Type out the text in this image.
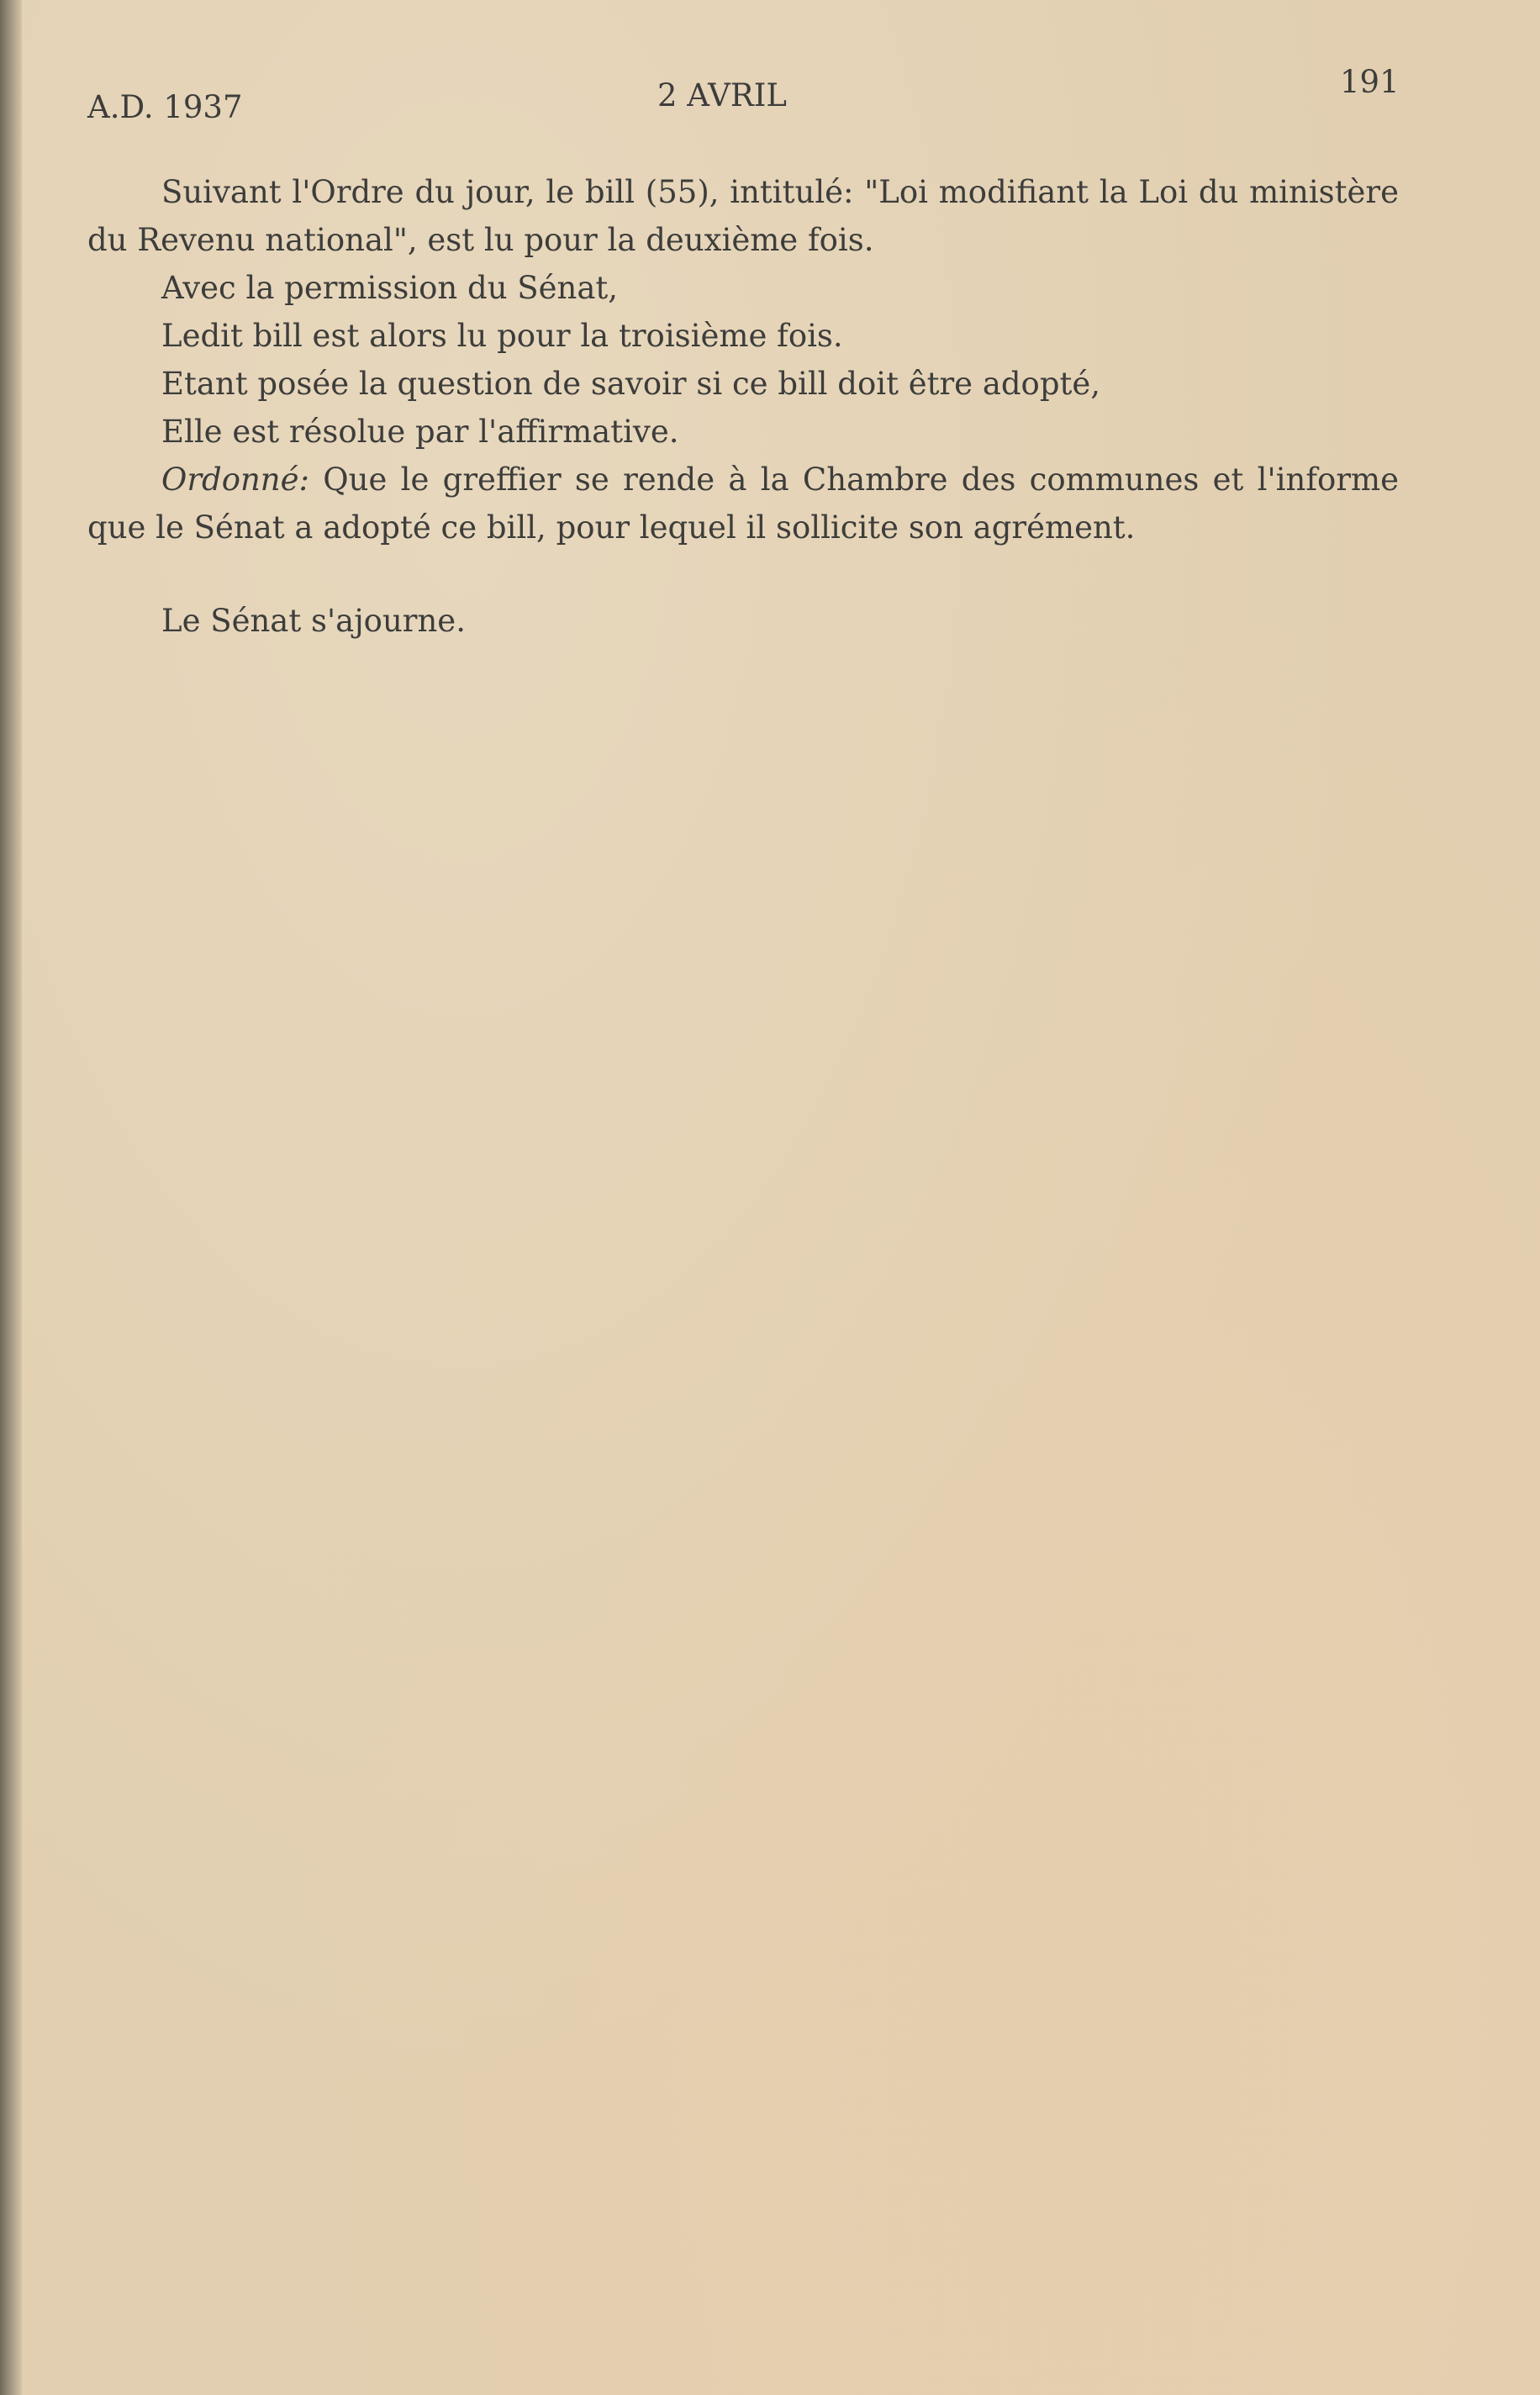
A.D. 1937	2 AVRIL	191

Suivant l'Ordre du jour, le bill (55), intitulé: "Loi modifiant la Loi du ministère du Revenu national", est lu pour la deuxième fois.

Avec la permission du Sénat,

Ledit bill est alors lu pour la troisième fois.

Etant posée la question de savoir si ce bill doit être adopté,

Elle est résolue par l'affirmative.

Ordonné: Que le greffier se rende à la Chambre des communes et l'informe que le Sénat a adopté ce bill, pour lequel il sollicite son agrément.

Le Sénat s'ajourne.
